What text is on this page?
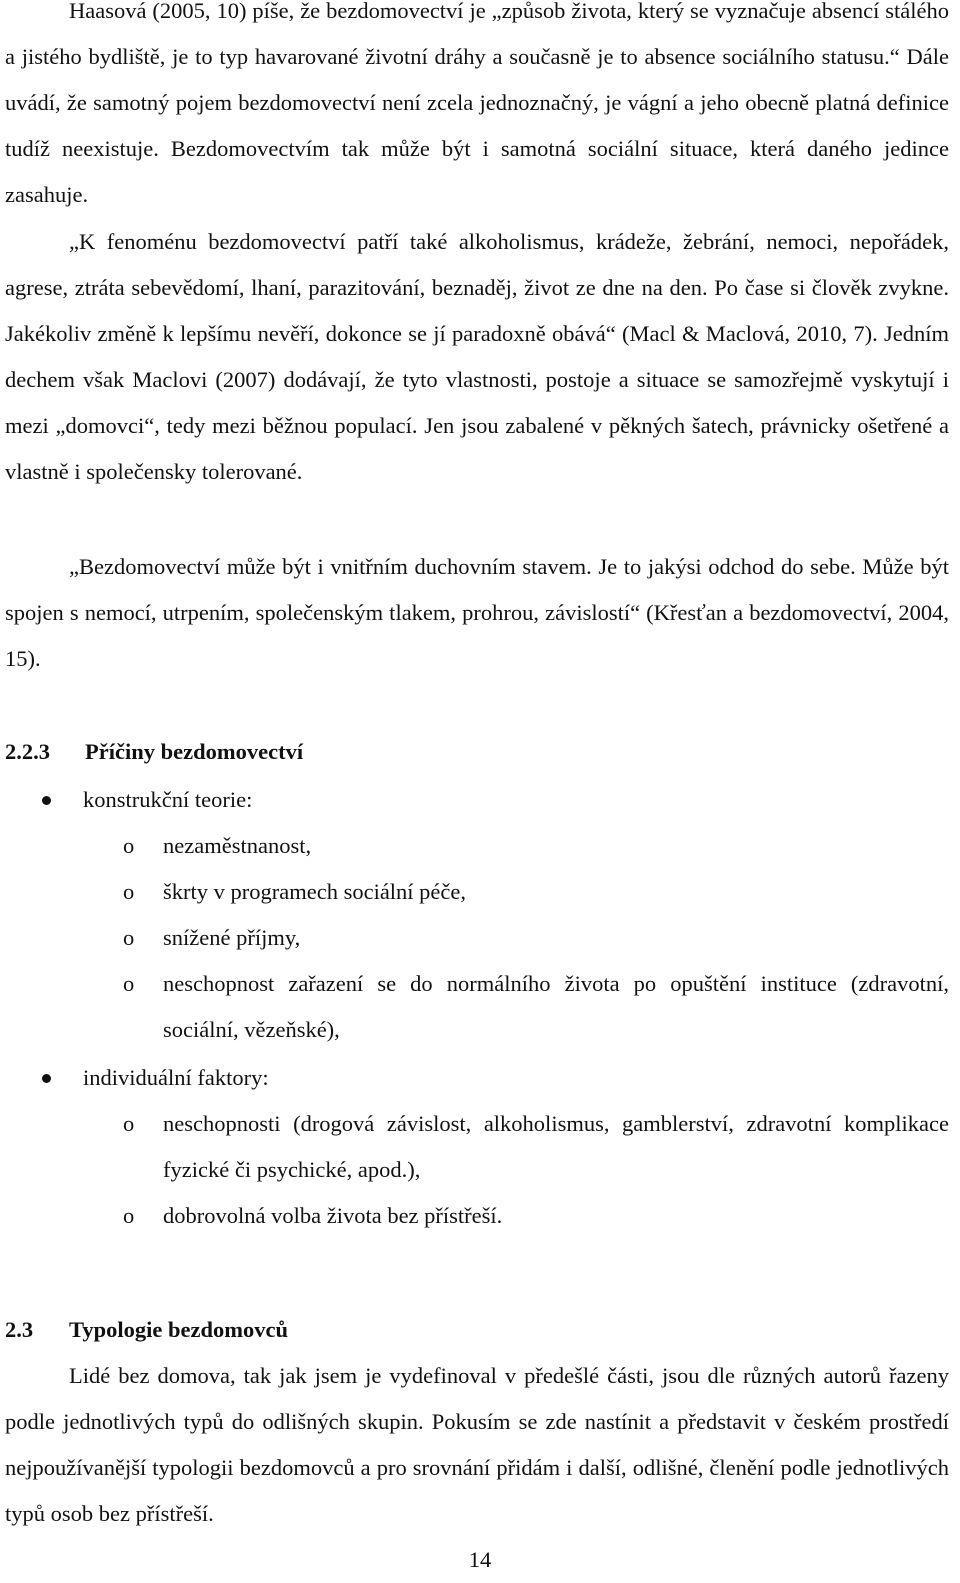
Haasová (2005, 10) píše, že bezdomovectví je „způsob života, který se vyznačuje absencí stálého a jistého bydliště, je to typ havarované životní dráhy a současně je to absence sociálního statusu.“ Dále uvádí, že samotný pojem bezdomovectví není zcela jednoznačný, je vágní a jeho obecně platná definice tudíž neexistuje. Bezdomovectvím tak může být i samotná sociální situace, která daného jedince zasahuje.

„K fenoménu bezdomovectví patří také alkoholismus, krádeže, žebrání, nemoci, nepořádek, agrese, ztráta sebevědomí, lhaní, parazitování, beznaděj, život ze dne na den. Po čase si člověk zvykne. Jakékoliv změně k lepšímu nevěří, dokonce se jí paradoxně obává“ (Macl & Maclová, 2010, 7). Jedním dechem však Maclovi (2007) dodávají, že tyto vlastnosti, postoje a situace se samozřejmě vyskytují i mezi „domovci“, tedy mezi běžnou populací. Jen jsou zabalené v pěkných šatech, právnicky ošetřené a vlastně i společensky tolerované.

„Bezdomovectví může být i vnitřním duchovním stavem. Je to jakýsi odchod do sebe. Může být spojen s nemocí, utrpením, společenským tlakem, prohrou, závislostí“ (Křesťan a bezdomovectví, 2004, 15).

2.2.3 Příčiny bezdomovectví
konstrukční teorie:
o nezaměstnanost,
o škrty v programech sociální péče,
o snížené příjmy,
o neschopnost zařazení se do normálního života po opuštění instituce (zdravotní, sociální, vězeňské),
individuální faktory:
o neschopnosti (drogová závislost, alkoholismus, gamblerství, zdravotní komplikace fyzické či psychické, apod.),
o dobrovolná volba života bez přístřeší.
2.3 Typologie bezdomovců

Lidé bez domova, tak jak jsem je vydefinoval v předešlé části, jsou dle různých autorů řazeny podle jednotlivých typů do odlišných skupin. Pokusím se zde nastínit a představit v českém prostředí nejpoužívanější typologii bezdomovců a pro srovnání přidám i další, odlišné, členění podle jednotlivých typů osob bez přístřeší.

14
